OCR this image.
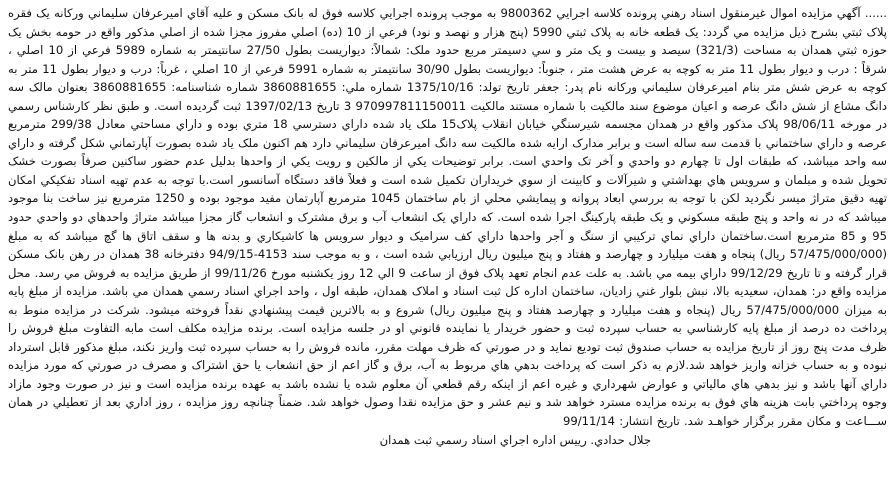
...... آگهي مزايده اموال غيرمنقول اسناد رهني پرونده كلاسه اجرايي 9800362 به موجب پرونده اجرايي كلاسه فوق له بانک مسکن و عليه آقاي اميرعرفان سليماني وركانه يک فقره پلاک ثبتي بشرح ذيل مزايده مي گردد: يک قطعه خانه به پلاک ثبتي 5990 (پنج هزار و نهصد و نود) فرعي از 10 (ده) اصلي مفروز مجزا شده از اصلي مذکور واقع در حومه بخش يک حوزه ثبتي همدان به مساحت (321/3) سيصد و بيست و يک متر و سي دسيمتر مربع حدود ملک: شمالاً: ديواريست بطول 27/50 سانتيمتر به شماره 5989 فرعي از 10 اصلي ، شرقاً : درب و ديوار بطول 11 متر به کوچه به عرض هشت متر ، جنوباً: ديواريست بطول 30/90 سانتيمتر به شماره 5991 فرعي از 10 اصلي ، غرباً: درب و ديوار بطول 11 متر به کوچه به عرض شش متر بنام اميرعرفان سليماني وركانه نام پدر: جعفر تاريخ تولد: 1375/10/16 شماره ملي: 3860881655 شماره شناسنامه: 3860881655 بعنوان مالک سه دانگ مشاع از شش دانگ عرصه و اعيان موضوع سند مالکيت با شماره مستند مالکيت 970997811150011 3 تاريخ 1397/02/13 ثبت گرديده است. و طبق نظر کارشناس رسمي در مورخه 98/06/11 پلاک مذکور واقع در همدان مجسمه شيرسنگي خيابان انقلاب پلاک15 ملک ياد شده داراي دسترسي 18 متري بوده و داراي مساحتي معادل 299/38 مترمربع عرصه و داراي ساختماني با قدمت سه ساله است و برابر مدارک ارايه شده مالکيت سه دانگ اميرعرفان سليماني دارد هم اکنون ملک ياد شده بصورت آپارتماني شکل گرفته و داراي سه واحد ميباشد، که طبقات اول تا چهارم دو واحدي و آخر تک واحدي است. برابر توضيحات يکي از مالکين و رويت يکي از واحدها بدليل عدم حضور ساکنين صرفاً بصورت خشک تحويل شده و مبلمان و سرويس هاي بهداشتي و شيرآلات و کابينت از سوي خريداران تکميل شده است و فعلاً فاقد دستگاه آسانسور است.با توجه به عدم تهيه اسناد تفکيکي امکان تهيه دقيق متراژ ميسر نگرديد لکن با توجه به بررسي ابعاد پروانه و پيمايشي محلي از بام ساختمان 1045 مترمربع آپارتمان مفيد موجود بوده و 1250 مترمربع نيز ساخت بنا موجود ميباشد که در نه واحد و پنج طبقه مسکوني و يک طبقه پارکينگ اجرا شده است. که داراي يک انشعاب آب و برق مشترک و انشعاب گاز مجزا ميباشد متراژ واحدهاي دو واحدي حدود 95 و 85 مترمربع است.ساختمان داراي نماي ترکيبي از سنگ و آجر واحدها داراي کف سراميک و ديوار سرويس ها کاشيکاري و بدنه ها و سقف اتاق ها گچ ميباشد که به مبلغ (57/475/000/000 ريال) پنجاه و هفت ميليارد و چهارصد و هفتاد و پنج ميليون ريال ارزيابي شده است ، و به موجب سند 4153-94/9/15 دفترخانه 38 همدان در رهن بانک مسکن قرار گرفته و تا تاريخ 99/12/29 داراي بيمه مي باشد. به علت عدم انجام تعهد پلاک فوق از ساعت 9 الي 12 روز يکشنبه مورخ 99/11/26 از طريق مزايده به فروش مي رسد. محل مزايده واقع در: همدان، سعيديه بالا، نبش بلوار غني زاديان، ساختمان اداره کل ثبت اسناد و املاک همدان، طبقه اول ، واحد اجراي اسناد رسمي همدان مي باشد. مزايده از مبلغ پايه به ميزان 57/475/000/000 ريال (پنجاه و هفت ميليارد و چهارصد هفتاد و پنج ميليون ريال) شروع و به بالاترين قيمت پيشنهادي نقداً فروخته ميشود. شرکت در مزايده منوط به پرداخت ده درصد از مبلغ پايه کارشناسي به حساب سپرده ثبت و حضور خريدار يا نماينده قانوني او در جلسه مزايده است. برنده مزايده مکلف است مابه التفاوت مبلغ فروش را ظرف مدت پنج روز از تاريخ مزايده به حساب صندوق ثبت توديع نمايد و در صورتي که ظرف مهلت مقرر، مانده فروش را به حساب سپرده ثبت واريز نکند، مبلغ مذکور قابل استرداد نبوده و به حساب خزانه واريز خواهد شد.لازم به ذکر است که پرداخت بدهي هاي مربوط به آب، برق و گاز اعم از حق انشعاب يا حق اشتراک و مصرف در صورتي که مورد مزايده داراي آنها باشد و نيز بدهي هاي مالياتي و عوارض شهرداري و غيره اعم از اينکه رقم قطعي آن معلوم شده يا نشده باشد به عهده برنده مزايده است و نيز در صورت وجود مازاد وجوه پرداختي بابت هزينه هاي فوق به برنده مزايده مسترد خواهد شد و نيم عشر و حق مزايده نقدا وصول خواهد شد. ضمناً چنانچه روز مزايده ، روز اداري بعد از تعطيلي در همان ســـاعت و مكان مقرر برگزار خواهـد شد. تاريخ انتشار: 99/11/14

جلال حدادي. رييس اداره اجراي اسناد رسمي ثبت همدان
